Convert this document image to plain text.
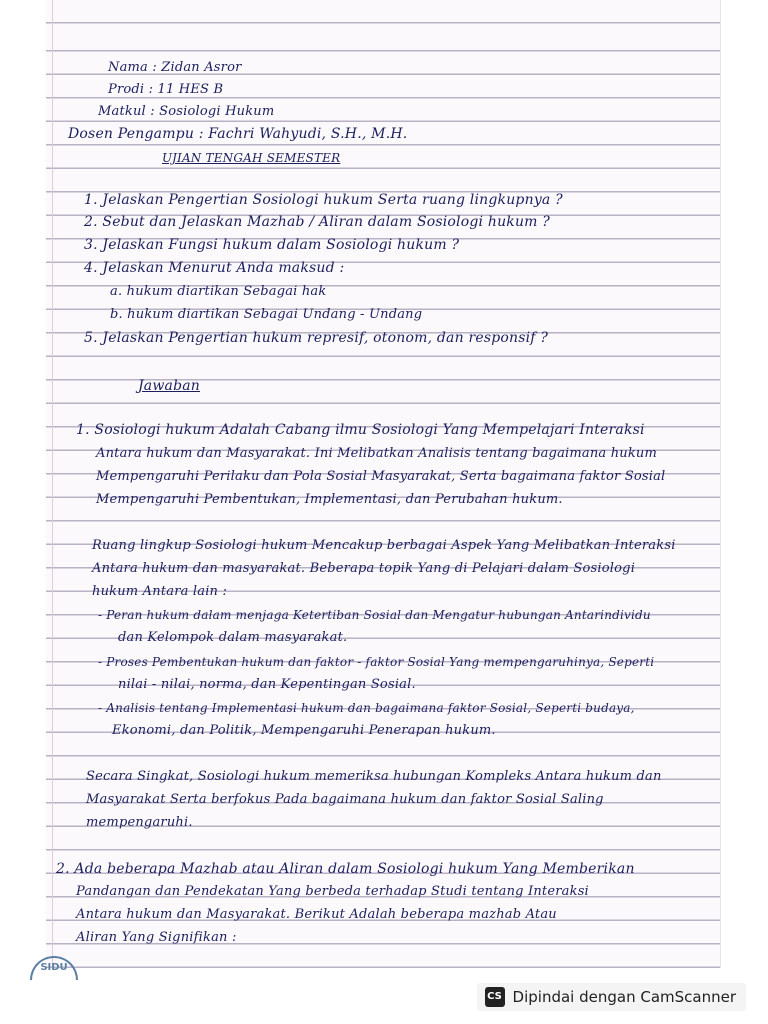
Nama : Zidan Asror
Prodi : 11 HES B
Matkul : Sosiologi Hukum
Dosen Pengampu : Fachri Wahyudi, S.H., M.H.
UJIAN TENGAH SEMESTER
1. Jelaskan Pengertian Sosiologi hukum Serta ruang lingkupnya ?
2. Sebut dan Jelaskan Mazhab / Aliran dalam Sosiologi hukum ?
3. Jelaskan Fungsi hukum dalam Sosiologi hukum ?
4. Jelaskan Menurut Anda maksud :
a. hukum diartikan Sebagai hak
b. hukum diartikan Sebagai Undang - Undang
5. Jelaskan Pengertian hukum represif, otonom, dan responsif ?
Jawaban
1. Sosiologi hukum Adalah Cabang ilmu Sosiologi Yang Mempelajari Interaksi
Antara hukum dan Masyarakat. Ini Melibatkan Analisis tentang bagaimana hukum
Mempengaruhi Perilaku dan Pola Sosial Masyarakat, Serta bagaimana faktor Sosial
Mempengaruhi Pembentukan, Implementasi, dan Perubahan hukum.
Ruang lingkup Sosiologi hukum Mencakup berbagai Aspek Yang Melibatkan Interaksi
Antara hukum dan masyarakat. Beberapa topik Yang di Pelajari dalam Sosiologi
hukum Antara lain :
- Peran hukum dalam menjaga Ketertiban Sosial dan Mengatur hubungan Antarindividu
dan Kelompok dalam masyarakat.
- Proses Pembentukan hukum dan faktor - faktor Sosial Yang mempengaruhinya, Seperti
nilai - nilai, norma, dan Kepentingan Sosial.
- Analisis tentang Implementasi hukum dan bagaimana faktor Sosial, Seperti budaya,
Ekonomi, dan Politik, Mempengaruhi Penerapan hukum.
Secara Singkat, Sosiologi hukum memeriksa hubungan Kompleks Antara hukum dan
Masyarakat Serta berfokus Pada bagaimana hukum dan faktor Sosial Saling
mempengaruhi.
2. Ada beberapa Mazhab atau Aliran dalam Sosiologi hukum Yang Memberikan
Pandangan dan Pendekatan Yang berbeda terhadap Studi tentang Interaksi
Antara hukum dan Masyarakat. Berikut Adalah beberapa mazhab Atau
Aliran Yang Signifikan :
SIDU
CS Dipindai dengan CamScanner
